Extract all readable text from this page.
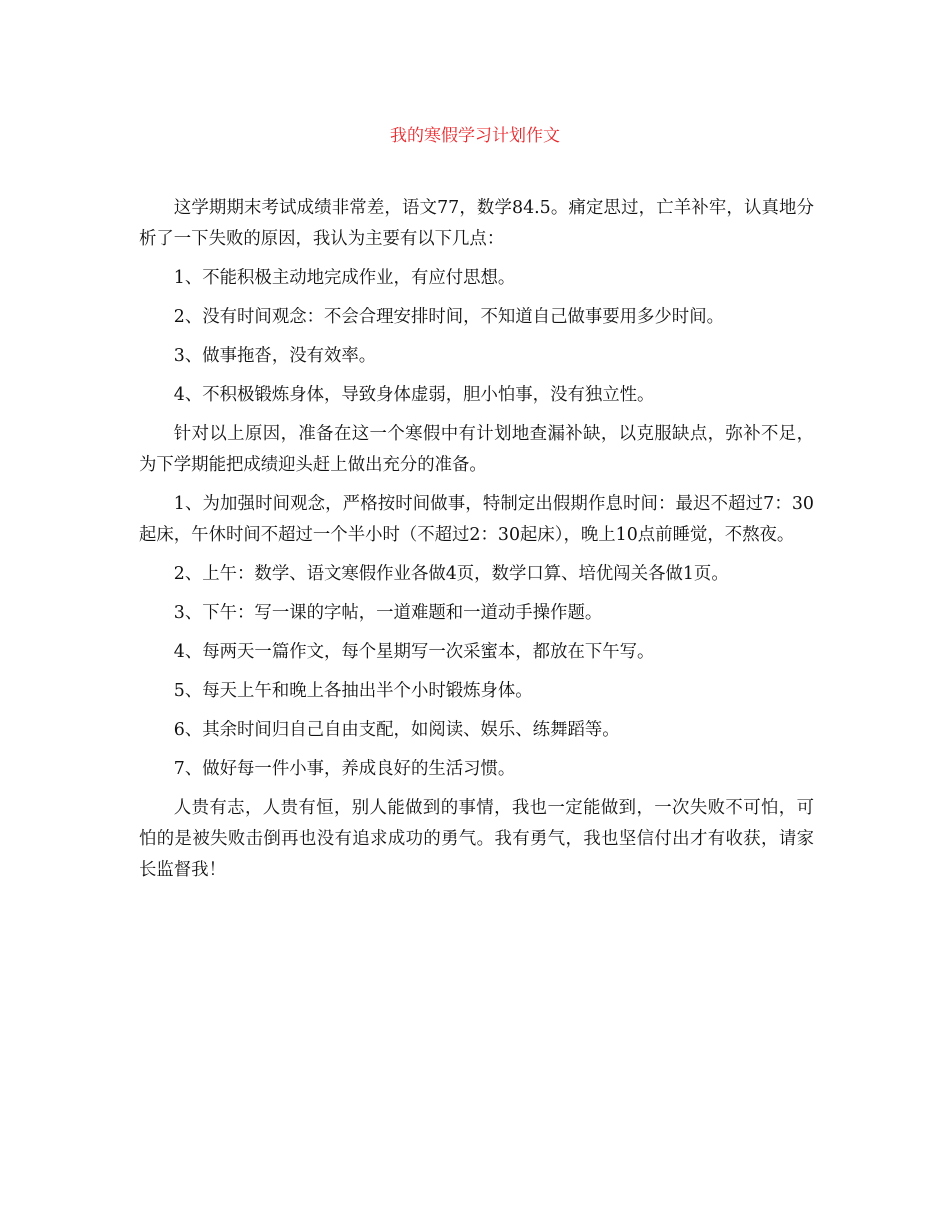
我的寒假学习计划作文

这学期期末考试成绩非常差，语文77，数学84.5。痛定思过，亡羊补牢，认真地分析了一下失败的原因，我认为主要有以下几点：

1、不能积极主动地完成作业，有应付思想。

2、没有时间观念：不会合理安排时间，不知道自己做事要用多少时间。

3、做事拖沓，没有效率。

4、不积极锻炼身体，导致身体虚弱，胆小怕事，没有独立性。

针对以上原因，准备在这一个寒假中有计划地查漏补缺，以克服缺点，弥补不足，为下学期能把成绩迎头赶上做出充分的准备。

1、为加强时间观念，严格按时间做事，特制定出假期作息时间：最迟不超过7：30起床，午休时间不超过一个半小时（不超过2：30起床），晚上10点前睡觉，不熬夜。

2、上午：数学、语文寒假作业各做4页，数学口算、培优闯关各做1页。

3、下午：写一课的字帖，一道难题和一道动手操作题。

4、每两天一篇作文，每个星期写一次采蜜本，都放在下午写。

5、每天上午和晚上各抽出半个小时锻炼身体。

6、其余时间归自己自由支配，如阅读、娱乐、练舞蹈等。

7、做好每一件小事，养成良好的生活习惯。

人贵有志，人贵有恒，别人能做到的事情，我也一定能做到，一次失败不可怕，可怕的是被失败击倒再也没有追求成功的勇气。我有勇气，我也坚信付出才有收获，请家长监督我！
